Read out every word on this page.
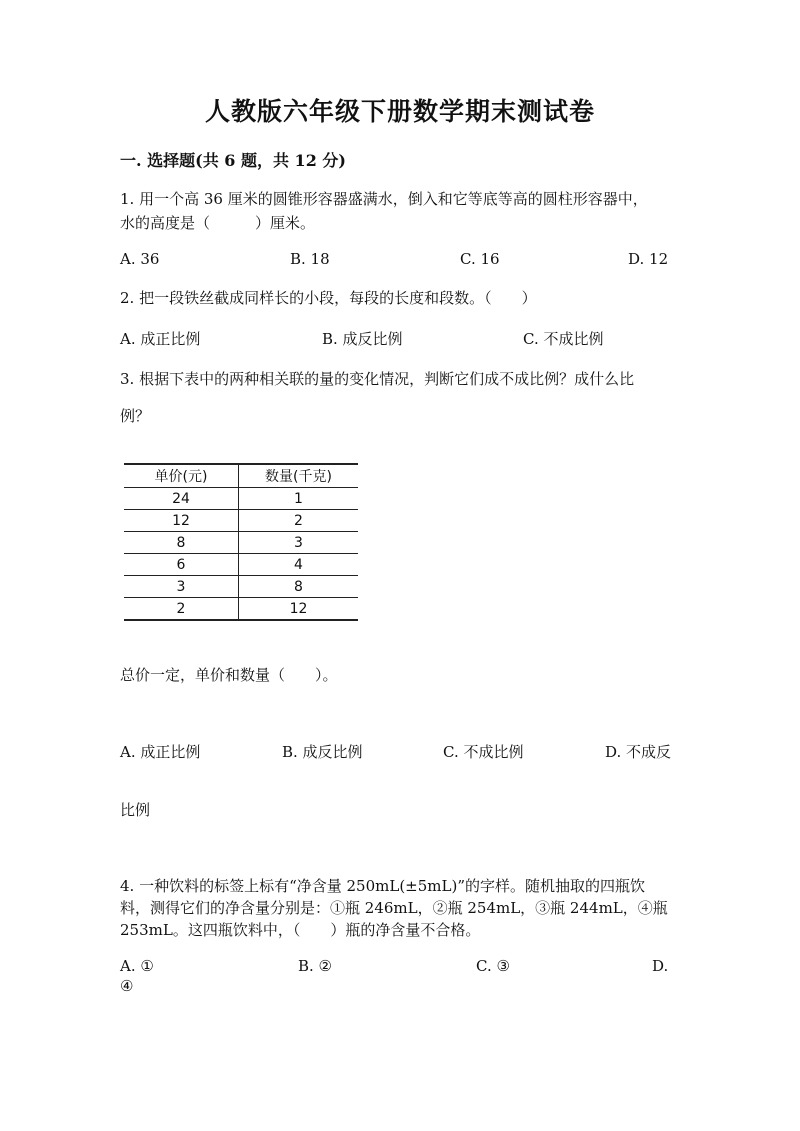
人教版六年级下册数学期末测试卷
一. 选择题(共 6 题，共 12 分)
1. 用一个高 36 厘米的圆锥形容器盛满水，倒入和它等底等高的圆柱形容器中，
水的高度是（　　　）厘米。
A. 36	B. 18	C. 16	D. 12
2. 把一段铁丝截成同样长的小段，每段的长度和段数。（　　）
A. 成正比例	B. 成反比例	C. 不成比例
3. 根据下表中的两种相关联的量的变化情况，判断它们成不成比例？成什么比
例？
单价(元)	数量(千克)
24	1
12	2
8	3
6	4
3	8
2	12
总价一定，单价和数量（　　）。
A. 成正比例	B. 成反比例	C. 不成比例	D. 不成反
比例
4. 一种饮料的标签上标有“净含量 250mL(±5mL)”的字样。随机抽取的四瓶饮
料，测得它们的净含量分别是：①瓶 246mL，②瓶 254mL，③瓶 244mL，④瓶
253mL。这四瓶饮料中，（　　）瓶的净含量不合格。
A. ①	B. ②	C. ③	D.
④
